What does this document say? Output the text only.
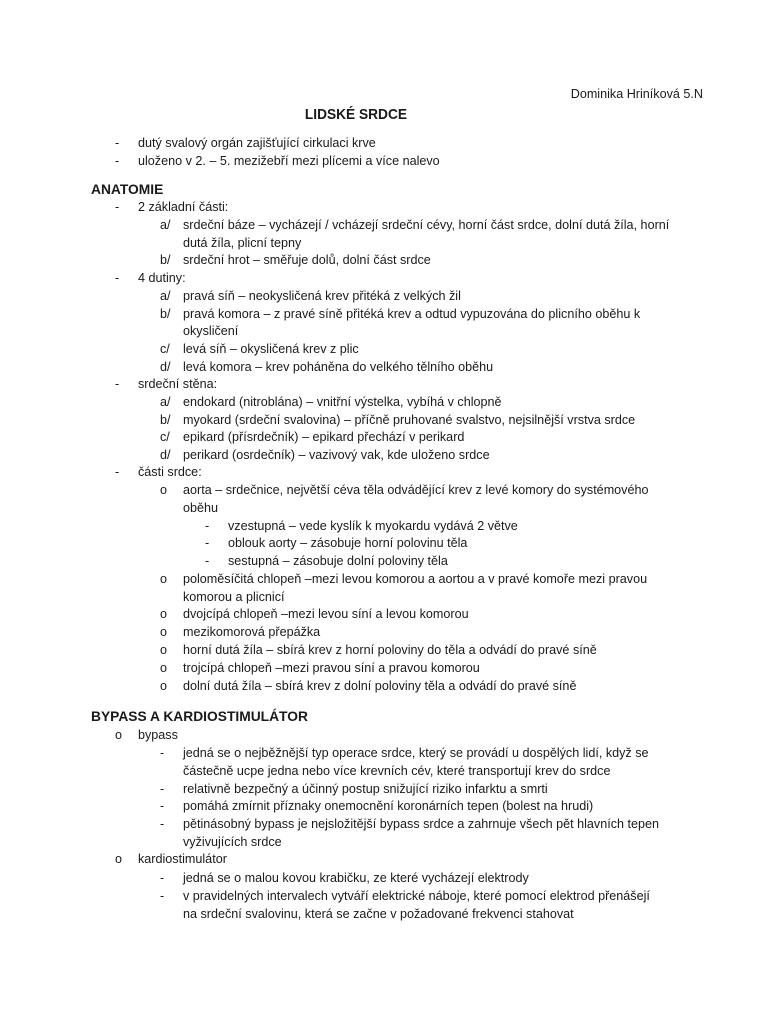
Dominika Hriníková 5.N
LIDSKÉ SRDCE
- dutý svalový orgán zajišťující cirkulaci krve
- uloženo v 2. – 5. mezižebří mezi plícemi a více nalevo
ANATOMIE
- 2 základní části:
a/ srdeční báze – vycházejí / vcházejí srdeční cévy, horní část srdce, dolní dutá žíla, horní
dutá žíla, plicní tepny
b/ srdeční hrot – směřuje dolů, dolní část srdce
- 4 dutiny:
a/ pravá síň – neokysličená krev přitéká z velkých žil
b/ pravá komora – z pravé síně přitéká krev a odtud vypuzována do plicního oběhu k
okysličení
c/ levá síň – okysličená krev z plic
d/ levá komora – krev poháněna do velkého tělního oběhu
- srdeční stěna:
a/ endokard (nitroblána) – vnitřní výstelka, vybíhá v chlopně
b/ myokard (srdeční svalovina) – příčně pruhované svalstvo, nejsilnější vrstva srdce
c/ epikard (přísrdečník) – epikard přechází v perikard
d/ perikard (osrdečník) – vazivový vak, kde uloženo srdce
- části srdce:
o aorta – srdečnice, největší céva těla odvádějící krev z levé komory do systémového
oběhu
- vzestupná – vede kyslík k myokardu vydává 2 větve
- oblouk aorty – zásobuje horní polovinu těla
- sestupná – zásobuje dolní poloviny těla
o poloměsíčitá chlopeň –mezi levou komorou a aortou a v pravé komoře mezi pravou
komorou a plicnicí
o dvojcípá chlopeň –mezi levou síní a levou komorou
o mezikomorová přepážka
o horní dutá žíla – sbírá krev z horní poloviny do těla a odvádí do pravé síně
o trojcípá chlopeň –mezi pravou síní a pravou komorou
o dolní dutá žíla – sbírá krev z dolní poloviny těla a odvádí do pravé síně
BYPASS A KARDIOSTIMULÁTOR
o bypass
- jedná se o nejběžnější typ operace srdce, který se provádí u dospělých lidí, když se
částečně ucpe jedna nebo více krevních cév, které transportují krev do srdce
- relativně bezpečný a účinný postup snižující riziko infarktu a smrti
- pomáhá zmírnit příznaky onemocnění koronárních tepen (bolest na hrudi)
- pětinásobný bypass je nejsložitější bypass srdce a zahrnuje všech pět hlavních tepen
vyživujících srdce
o kardiostimulátor
- jedná se o malou kovou krabičku, ze které vycházejí elektrody
- v pravidelných intervalech vytváří elektrické náboje, které pomocí elektrod přenášejí
na srdeční svalovinu, která se začne v požadované frekvenci stahovat
